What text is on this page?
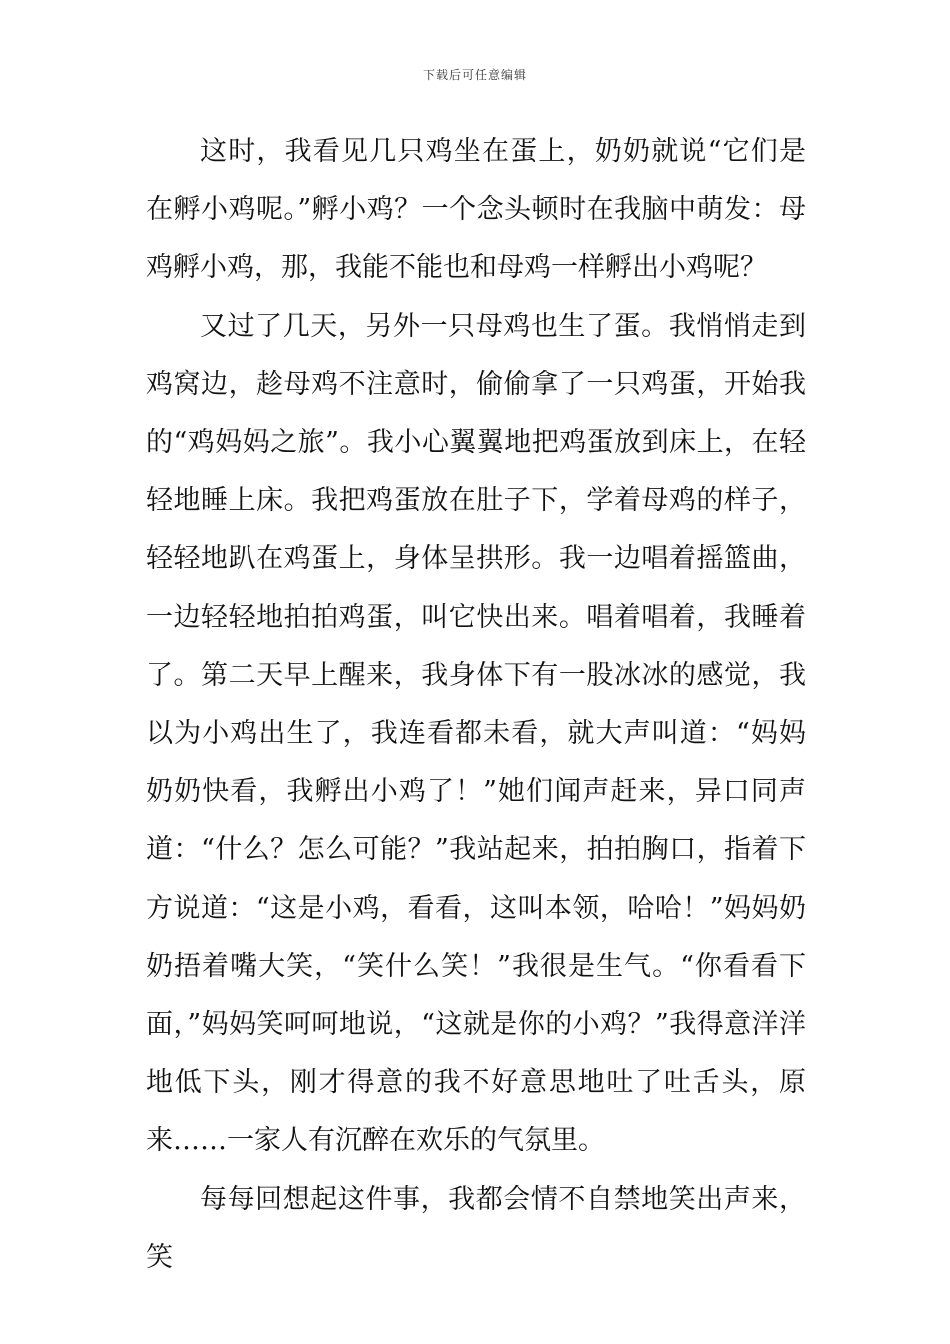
下载后可任意编辑

这时，我看见几只鸡坐在蛋上，奶奶就说“它们是在孵小鸡呢。”孵小鸡？一个念头顿时在我脑中萌发：母鸡孵小鸡，那，我能不能也和母鸡一样孵出小鸡呢？

又过了几天，另外一只母鸡也生了蛋。我悄悄走到鸡窝边，趁母鸡不注意时，偷偷拿了一只鸡蛋，开始我的“鸡妈妈之旅”。我小心翼翼地把鸡蛋放到床上，在轻轻地睡上床。我把鸡蛋放在肚子下，学着母鸡的样子，轻轻地趴在鸡蛋上，身体呈拱形。我一边唱着摇篮曲，一边轻轻地拍拍鸡蛋，叫它快出来。唱着唱着，我睡着了。第二天早上醒来，我身体下有一股冰冰的感觉，我以为小鸡出生了，我连看都未看，就大声叫道：“妈妈奶奶快看，我孵出小鸡了！”她们闻声赶来，异口同声道：“什么？怎么可能？”我站起来，拍拍胸口，指着下方说道：“这是小鸡，看看，这叫本领，哈哈！”妈妈奶奶捂着嘴大笑，“笑什么笑！”我很是生气。“你看看下面，”妈妈笑呵呵地说，“这就是你的小鸡？”我得意洋洋地低下头，刚才得意的我不好意思地吐了吐舌头，原来……一家人有沉醉在欢乐的气氛里。

每每回想起这件事，我都会情不自禁地笑出声来，笑
